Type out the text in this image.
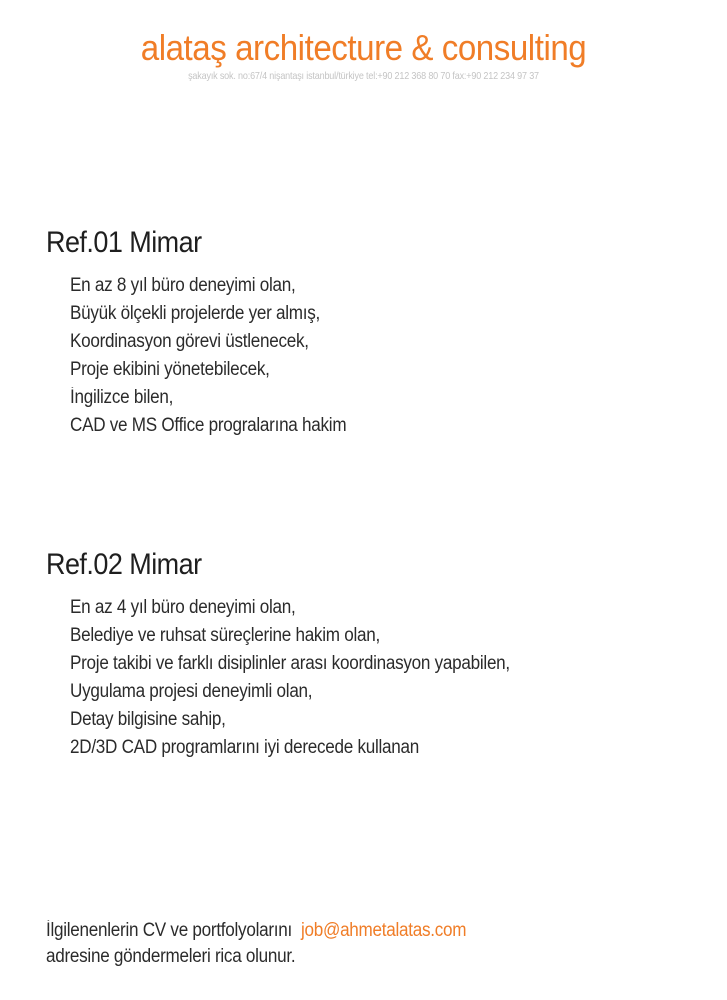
alataş architecture & consulting
şakayık sok. no:67/4 nişantaşı istanbul/türkiye tel:+90 212 368 80 70 fax:+90 212 234 97 37
Ref.01 Mimar
En az 8 yıl büro deneyimi olan,
Büyük ölçekli projelerde yer almış,
Koordinasyon görevi üstlenecek,
Proje ekibini yönetebilecek,
İngilizce bilen,
CAD ve MS Office progralarına hakim
Ref.02 Mimar
En az 4 yıl büro deneyimi olan,
Belediye ve ruhsat süreçlerine hakim olan,
Proje takibi ve farklı disiplinler arası koordinasyon yapabilen,
Uygulama projesi deneyimli olan,
Detay bilgisine sahip,
2D/3D CAD programlarını iyi derecede kullanan
İlgilenenlerin CV ve portfolyolarını job@ahmetalatas.com
adresine göndermeleri rica olunur.
